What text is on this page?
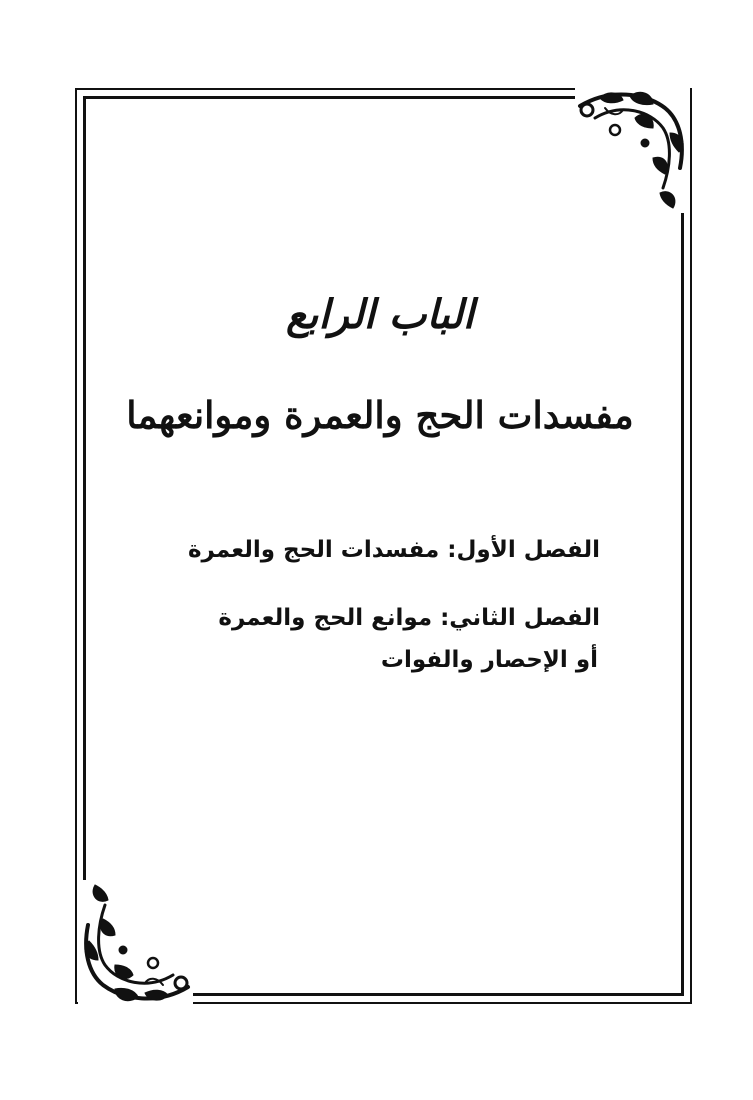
الباب الرابع
مفسدات الحج والعمرة وموانعهما

الفصل الأول: مفسدات الحج والعمرة

الفصل الثاني: موانع الحج والعمرة

أو الإحصار والفوات
